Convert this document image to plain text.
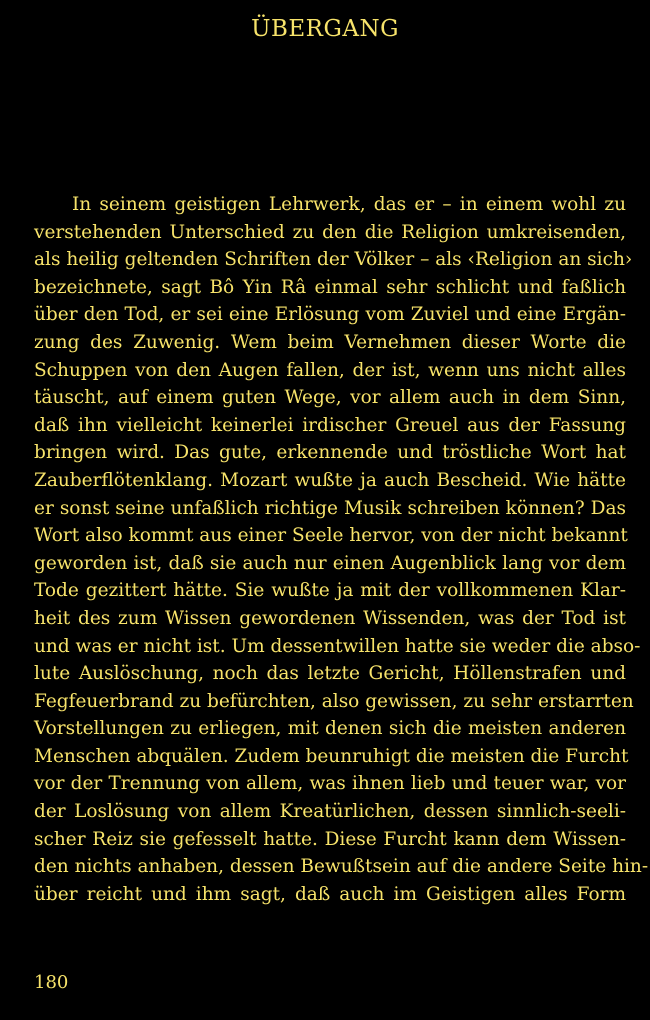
ÜBERGANG
In seinem geistigen Lehrwerk, das er – in einem wohl zu
verstehenden Unterschied zu den die Religion umkreisenden,
als heilig geltenden Schriften der Völker – als ‹Religion an sich›
bezeichnete, sagt Bô Yin Râ einmal sehr schlicht und faßlich
über den Tod, er sei eine Erlösung vom Zuviel und eine Ergän-
zung des Zuwenig. Wem beim Vernehmen dieser Worte die
Schuppen von den Augen fallen, der ist, wenn uns nicht alles
täuscht, auf einem guten Wege, vor allem auch in dem Sinn,
daß ihn vielleicht keinerlei irdischer Greuel aus der Fassung
bringen wird. Das gute, erkennende und tröstliche Wort hat
Zauberflötenklang. Mozart wußte ja auch Bescheid. Wie hätte
er sonst seine unfaßlich richtige Musik schreiben können? Das
Wort also kommt aus einer Seele hervor, von der nicht bekannt
geworden ist, daß sie auch nur einen Augenblick lang vor dem
Tode gezittert hätte. Sie wußte ja mit der vollkommenen Klar-
heit des zum Wissen gewordenen Wissenden, was der Tod ist
und was er nicht ist. Um dessentwillen hatte sie weder die abso-
lute Auslöschung, noch das letzte Gericht, Höllenstrafen und
Fegfeuerbrand zu befürchten, also gewissen, zu sehr erstarrten
Vorstellungen zu erliegen, mit denen sich die meisten anderen
Menschen abquälen. Zudem beunruhigt die meisten die Furcht
vor der Trennung von allem, was ihnen lieb und teuer war, vor
der Loslösung von allem Kreatürlichen, dessen sinnlich-seeli-
scher Reiz sie gefesselt hatte. Diese Furcht kann dem Wissen-
den nichts anhaben, dessen Bewußtsein auf die andere Seite hin-
über reicht und ihm sagt, daß auch im Geistigen alles Form
180
